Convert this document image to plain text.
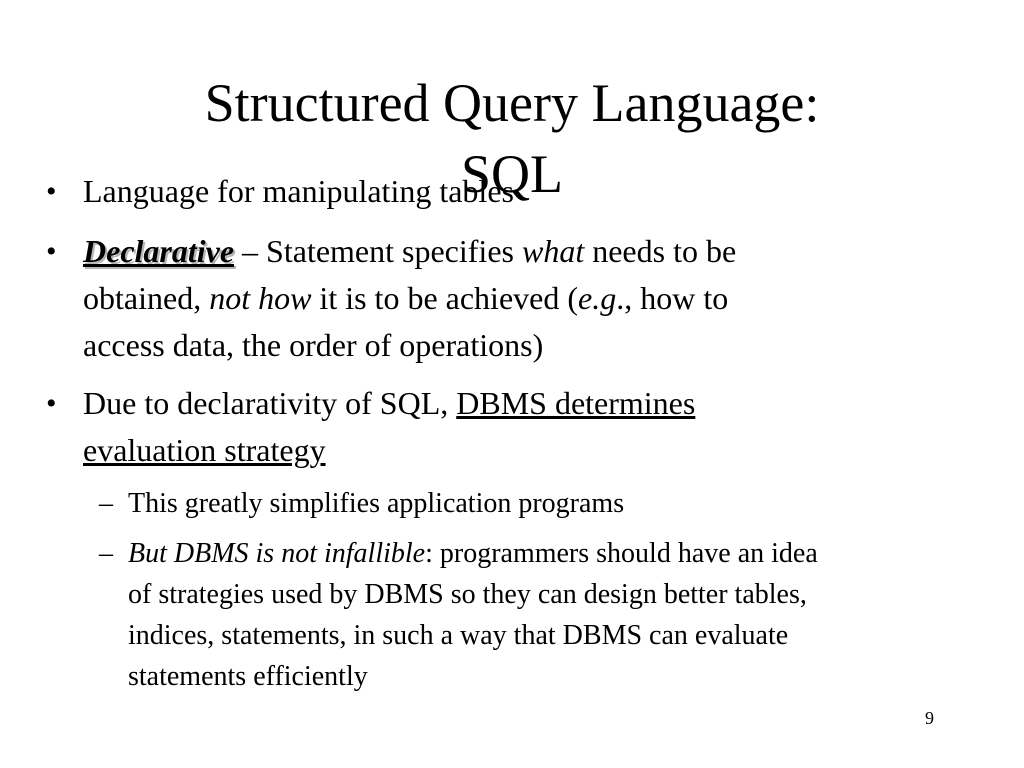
Structured Query Language:
SQL
• Language for manipulating tables
• Declarative – Statement specifies what needs to be
obtained, not how it is to be achieved (e.g., how to
access data, the order of operations)
• Due to declarativity of SQL, DBMS determines
evaluation strategy
– This greatly simplifies application programs
– But DBMS is not infallible: programmers should have an idea
of strategies used by DBMS so they can design better tables,
indices, statements, in such a way that DBMS can evaluate
statements efficiently
9
